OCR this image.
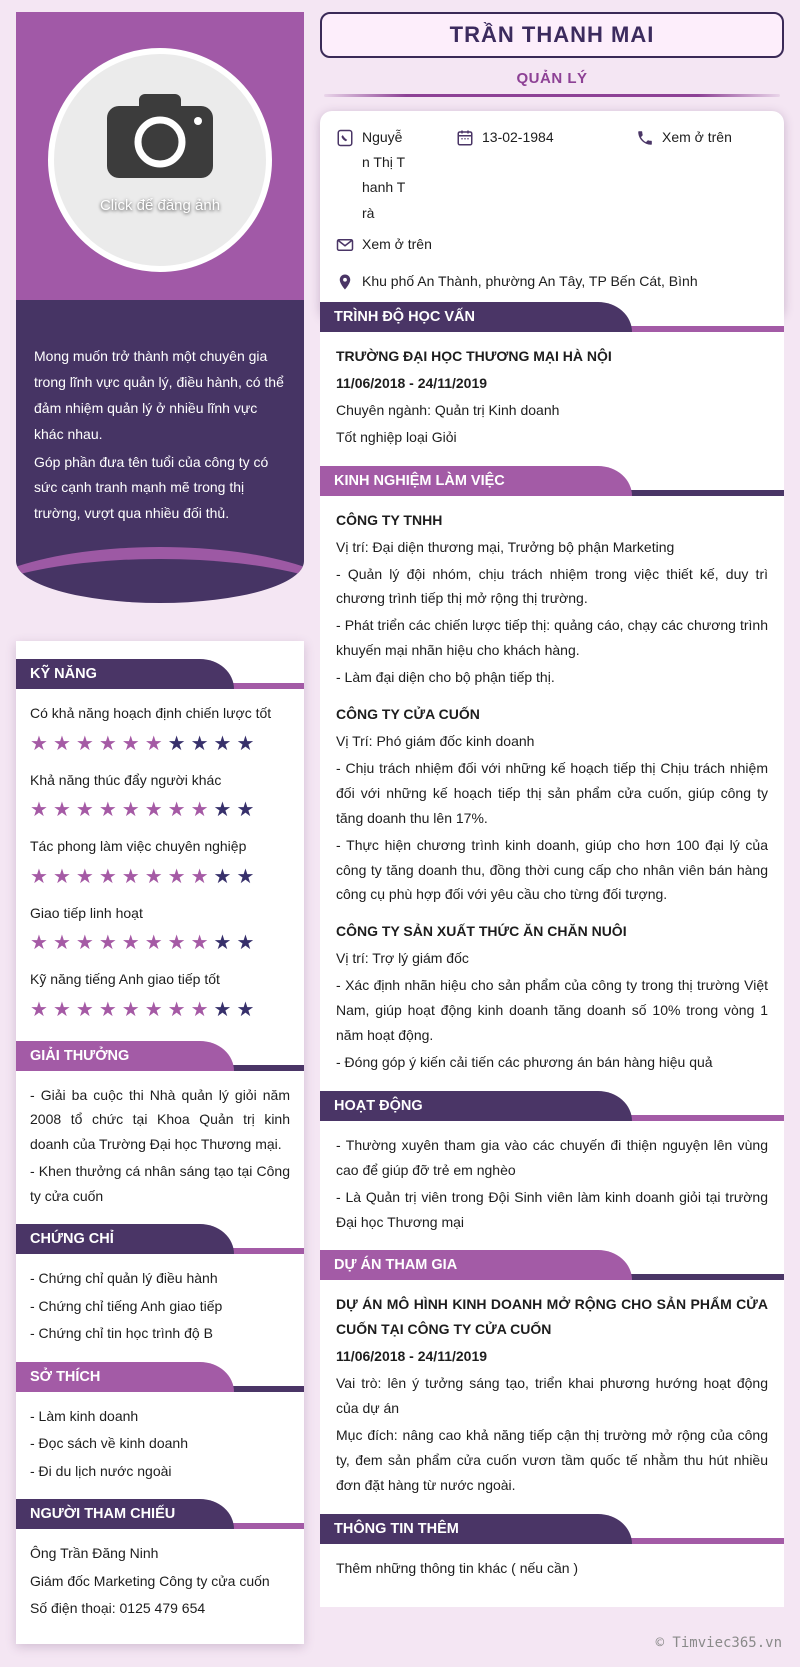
Click để đăng ảnh

Mong muốn trở thành một chuyên gia trong lĩnh vực quản lý, điều hành, có thể đảm nhiệm quản lý ở nhiều lĩnh vực khác nhau.

Góp phần đưa tên tuổi của công ty có sức cạnh tranh mạnh mẽ trong thị trường, vượt qua nhiều đối thủ.

KỸ NĂNG

Có khả năng hoạch định chiến lược tốt

★★★★★★★★★★

Khả năng thúc đẩy người khác

★★★★★★★★★★

Tác phong làm việc chuyên nghiệp

★★★★★★★★★★

Giao tiếp linh hoạt

★★★★★★★★★★

Kỹ năng tiếng Anh giao tiếp tốt

★★★★★★★★★★
GIẢI THƯỞNG

- Giải ba cuộc thi Nhà quản lý giỏi năm 2008 tổ chức tại Khoa Quản trị kinh doanh của Trường Đại học Thương mại.

- Khen thưởng cá nhân sáng tạo tại Công ty cửa cuốn

CHỨNG CHỈ

- Chứng chỉ quản lý điều hành

- Chứng chỉ tiếng Anh giao tiếp

- Chứng chỉ tin học trình độ B

SỞ THÍCH

- Làm kinh doanh

- Đọc sách về kinh doanh

- Đi du lịch nước ngoài

NGƯỜI THAM CHIẾU

Ông Trần Đăng Ninh

Giám đốc Marketing Công ty cửa cuốn

Số điện thoại: 0125 479 654

TRẦN THANH MAI
QUẢN LÝ
Nguyễn Thị Thanh Trà
13-02-1984	Xem ở trên
Xem ở trên
Khu phố An Thành, phường An Tây, TP Bến Cát, Bình
TRÌNH ĐỘ HỌC VẤN

TRƯỜNG ĐẠI HỌC THƯƠNG MẠI HÀ NỘI

11/06/2018 - 24/11/2019

Chuyên ngành: Quản trị Kinh doanh

Tốt nghiệp loại Giỏi

KINH NGHIỆM LÀM VIỆC

CÔNG TY TNHH

Vị trí: Đại diện thương mại, Trưởng bộ phận Marketing

- Quản lý đội nhóm, chịu trách nhiệm trong việc thiết kế, duy trì chương trình tiếp thị mở rộng thị trường.

- Phát triển các chiến lược tiếp thị: quảng cáo, chạy các chương trình khuyến mại nhãn hiệu cho khách hàng.

- Làm đại diện cho bộ phận tiếp thị.

CÔNG TY CỬA CUỐN

Vị Trí: Phó giám đốc kinh doanh

- Chịu trách nhiệm đối với những kế hoạch tiếp thị Chịu trách nhiệm đối với những kế hoạch tiếp thị sản phẩm cửa cuốn, giúp công ty tăng doanh thu lên 17%.

- Thực hiện chương trình kinh doanh, giúp cho hơn 100 đại lý của công ty tăng doanh thu, đồng thời cung cấp cho nhân viên bán hàng công cụ phù hợp đối với yêu cầu cho từng đối tượng.

CÔNG TY SẢN XUẤT THỨC ĂN CHĂN NUÔI

Vị trí: Trợ lý giám đốc

- Xác định nhãn hiệu cho sản phẩm của công ty trong thị trường Việt Nam, giúp hoạt động kinh doanh tăng doanh số 10% trong vòng 1 năm hoạt động.

- Đóng góp ý kiến cải tiến các phương án bán hàng hiệu quả

HOẠT ĐỘNG

- Thường xuyên tham gia vào các chuyến đi thiện nguyện lên vùng cao để giúp đỡ trẻ em nghèo

- Là Quản trị viên trong Đội Sinh viên làm kinh doanh giỏi tại trường Đại học Thương mại

DỰ ÁN THAM GIA

DỰ ÁN MÔ HÌNH KINH DOANH MỞ RỘNG CHO SẢN PHẨM CỬA CUỐN TẠI CÔNG TY CỬA CUỐN

11/06/2018 - 24/11/2019

Vai trò: lên ý tưởng sáng tạo, triển khai phương hướng hoạt động của dự án

Mục đích: nâng cao khả năng tiếp cận thị trường mở rộng của công ty, đem sản phẩm cửa cuốn vươn tầm quốc tế nhằm thu hút nhiều đơn đặt hàng từ nước ngoài.

THÔNG TIN THÊM

Thêm những thông tin khác ( nếu cần )

© Timviec365.vn
